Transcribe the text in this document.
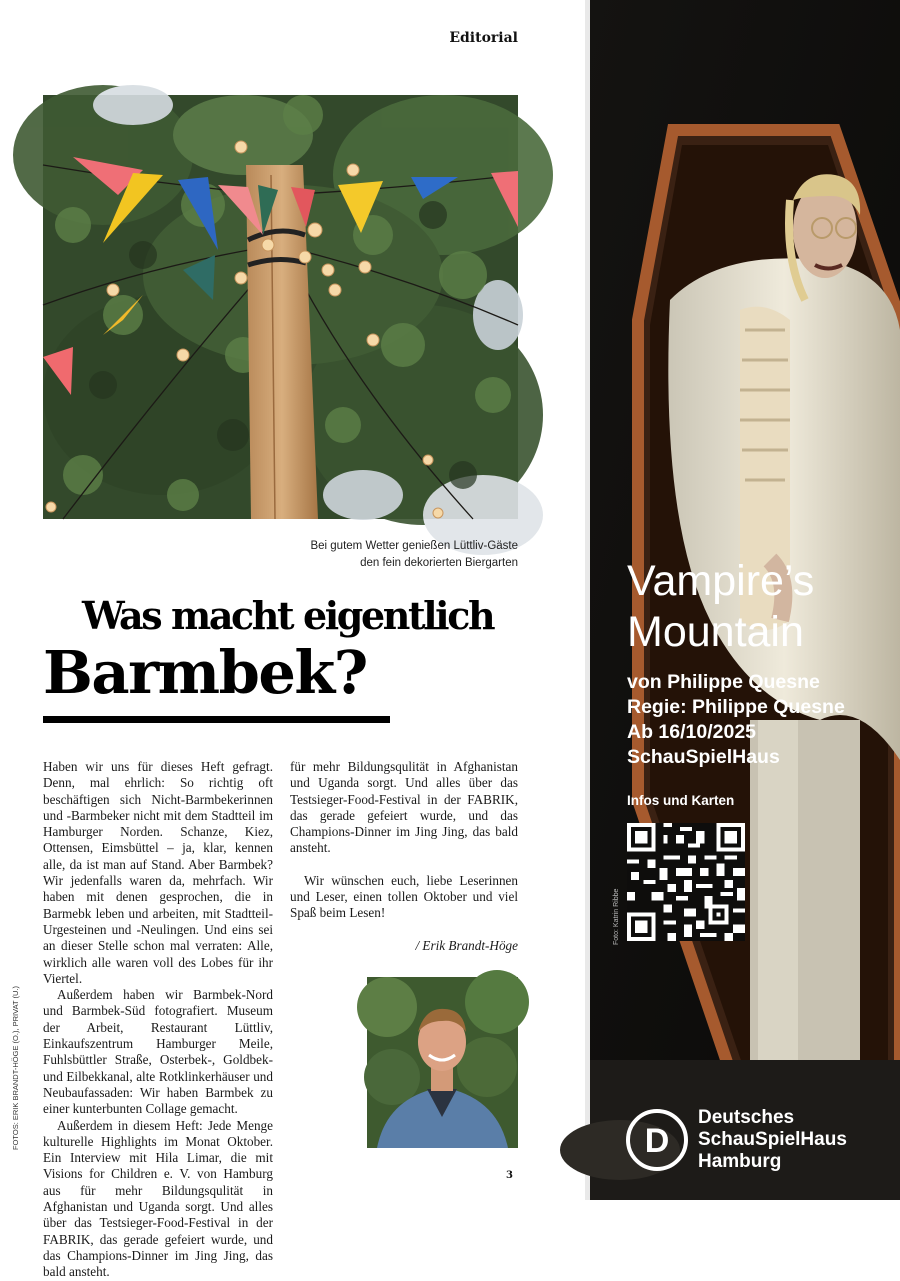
Editorial
Bei gutem Wetter genießen Lüttliv-Gäste
den fein dekorierten Biergarten
Was macht eigentlich
Barmbek?

Haben wir uns für dieses Heft gefragt. Denn, mal ehrlich: So richtig oft beschäftigen sich Nicht-Barmbekerinnen und -Barmbeker nicht mit dem Stadtteil im Hamburger Norden. Schanze, Kiez, Ottensen, Eimsbüttel – ja, klar, kennen alle, da ist man auf Stand. Aber Barmbek? Wir jedenfalls waren da, mehrfach. Wir haben mit denen gesprochen, die in Barmebk leben und arbeiten, mit Stadtteil-Urgesteinen und -Neulingen. Und eins sei an dieser Stelle schon mal verraten: Alle, wirklich alle waren voll des Lobes für ihr Viertel.

Außerdem haben wir Barmbek-Nord und Barmbek-Süd fotografiert. Museum der Arbeit, Restaurant Lüttliv, Einkaufszentrum Hamburger Meile, Fuhlsbüttler Straße, Osterbek-, Goldbek- und Eilbekkanal, alte Rotklinkerhäuser und Neubaufassaden: Wir haben Barmbek zu einer kunterbunten Collage gemacht.

Außerdem in diesem Heft: Jede Menge kulturelle Highlights im Monat Oktober. Ein Interview mit Hila Limar, die mit Visions for Children e. V. von Hamburg aus für mehr Bildungsqulität in Afghanistan und Uganda sorgt. Und alles über das Testsieger-Food-Festival in der FABRIK, das gerade gefeiert wurde, und das Champions-Dinner im Jing Jing, das bald ansteht.

für mehr Bildungsqulität in Afghanistan und Uganda sorgt. Und alles über das Testsieger-Food-Festival in der FABRIK, das gerade gefeiert wurde, und das Champions-Dinner im Jing Jing, das bald ansteht.

Wir wünschen euch, liebe Leserinnen und Leser, einen tollen Oktober und viel Spaß beim Lesen!

/ Erik Brandt-Höge

FOTOS: ERIK BRANDT-HÖGE (O.), PRIVAT (U.)
3
Vampire’s
Mountain
von Philippe Quesne
Regie: Philippe Quesne
Ab 16/10/2025
SchauSpielHaus
Infos und Karten
D
Deutsches
SchauSpielHaus
Hamburg
Foto: Katrin Ribbe
